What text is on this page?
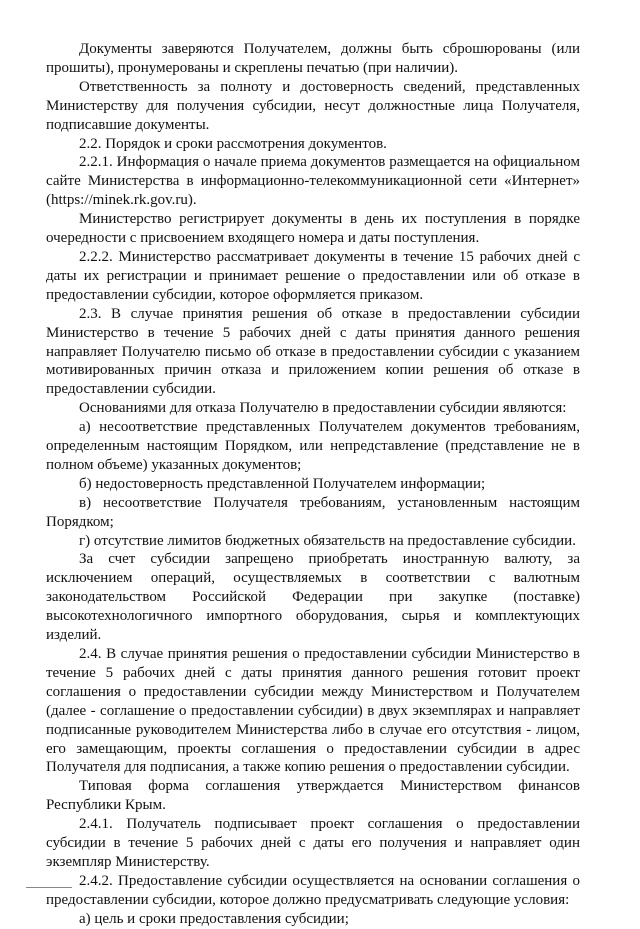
Документы заверяются Получателем, должны быть сброшюрованы (или прошиты), пронумерованы и скреплены печатью (при наличии).

Ответственность за полноту и достоверность сведений, представленных Министерству для получения субсидии, несут должностные лица Получателя, подписавшие документы.

2.2. Порядок и сроки рассмотрения документов.

2.2.1. Информация о начале приема документов размещается на официальном сайте Министерства в информационно-телекоммуникационной сети «Интернет» (https://minek.rk.gov.ru).

Министерство регистрирует документы в день их поступления в порядке очередности с присвоением входящего номера и даты поступления.

2.2.2. Министерство рассматривает документы в течение 15 рабочих дней с даты их регистрации и принимает решение о предоставлении или об отказе в предоставлении субсидии, которое оформляется приказом.

2.3. В случае принятия решения об отказе в предоставлении субсидии Министерство в течение 5 рабочих дней с даты принятия данного решения направляет Получателю письмо об отказе в предоставлении субсидии с указанием мотивированных причин отказа и приложением копии решения об отказе в предоставлении субсидии.

Основаниями для отказа Получателю в предоставлении субсидии являются:

а) несоответствие представленных Получателем документов требованиям, определенным настоящим Порядком, или непредставление (представление не в полном объеме) указанных документов;

б) недостоверность представленной Получателем информации;

в) несоответствие Получателя требованиям, установленным настоящим Порядком;

г) отсутствие лимитов бюджетных обязательств на предоставление субсидии.

За счет субсидии запрещено приобретать иностранную валюту, за исключением операций, осуществляемых в соответствии с валютным законодательством Российской Федерации при закупке (поставке) высокотехнологичного импортного оборудования, сырья и комплектующих изделий.

2.4. В случае принятия решения о предоставлении субсидии Министерство в течение 5 рабочих дней с даты принятия данного решения готовит проект соглашения о предоставлении субсидии между Министерством и Получателем (далее - соглашение о предоставлении субсидии) в двух экземплярах и направляет подписанные руководителем Министерства либо в случае его отсутствия - лицом, его замещающим, проекты соглашения о предоставлении субсидии в адрес Получателя для подписания, а также копию решения о предоставлении субсидии.

Типовая форма соглашения утверждается Министерством финансов Республики Крым.

2.4.1. Получатель подписывает проект соглашения о предоставлении субсидии в течение 5 рабочих дней с даты его получения и направляет один экземпляр Министерству.

2.4.2. Предоставление субсидии осуществляется на основании соглашения о предоставлении субсидии, которое должно предусматривать следующие условия:

а) цель и сроки предоставления субсидии;
